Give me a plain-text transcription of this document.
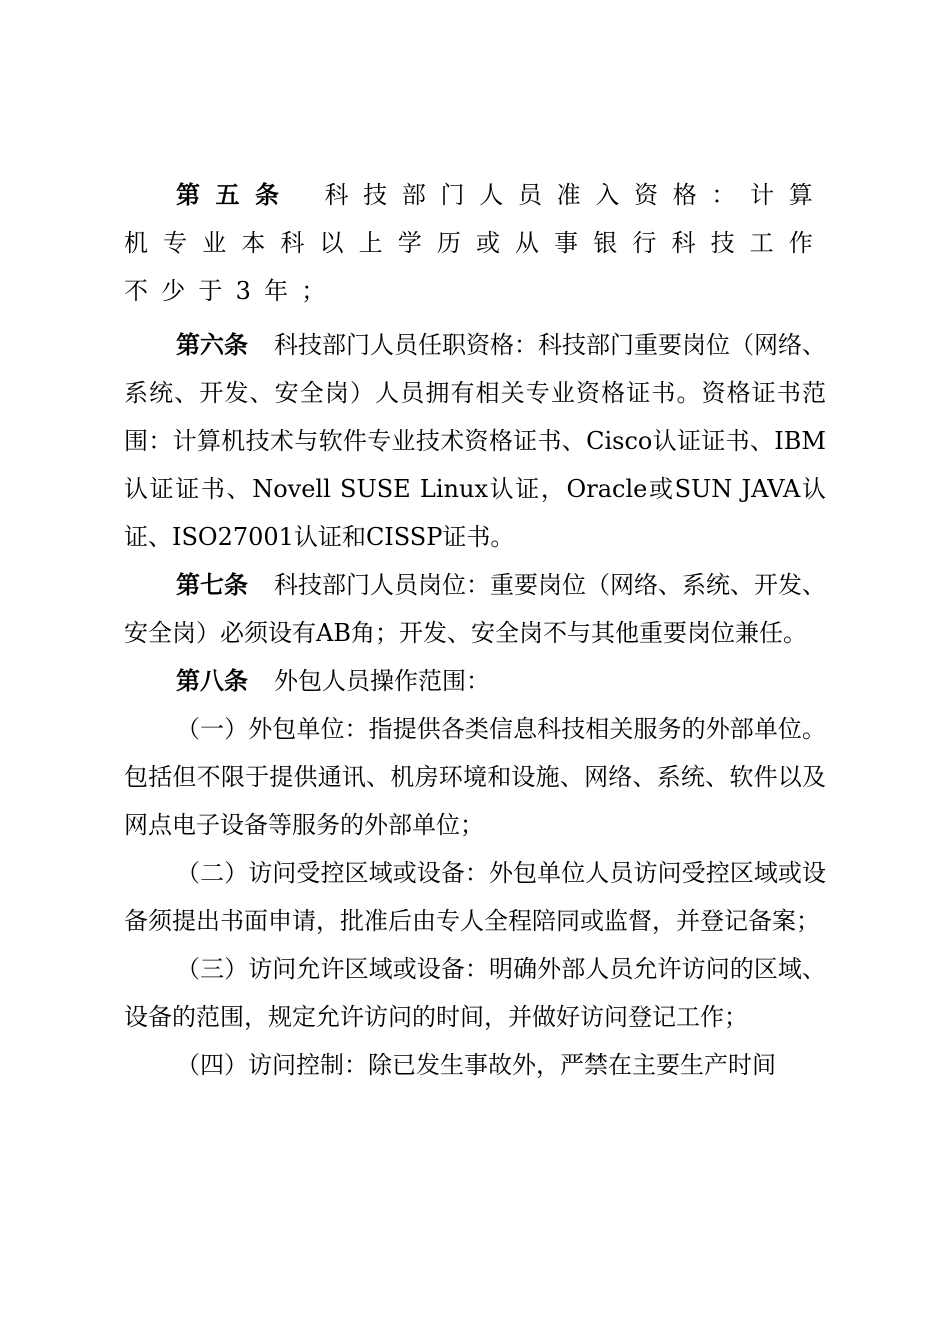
第五条 科技部门人员准入资格：计算机专业本科以上学历或从事银行科技工作不少于3年；

第六条 科技部门人员任职资格：科技部门重要岗位（网络、系统、开发、安全岗）人员拥有相关专业资格证书。资格证书范围：计算机技术与软件专业技术资格证书、Cisco认证证书、IBM认证证书、Novell SUSE Linux认证，Oracle或SUN JAVA认证、ISO27001认证和CISSP证书。

第七条 科技部门人员岗位：重要岗位（网络、系统、开发、安全岗）必须设有AB角；开发、安全岗不与其他重要岗位兼任。

第八条 外包人员操作范围：

（一）外包单位：指提供各类信息科技相关服务的外部单位。包括但不限于提供通讯、机房环境和设施、网络、系统、软件以及网点电子设备等服务的外部单位；

（二）访问受控区域或设备：外包单位人员访问受控区域或设备须提出书面申请，批准后由专人全程陪同或监督，并登记备案；

（三）访问允许区域或设备：明确外部人员允许访问的区域、设备的范围，规定允许访问的时间，并做好访问登记工作；

（四）访问控制：除已发生事故外，严禁在主要生产时间
